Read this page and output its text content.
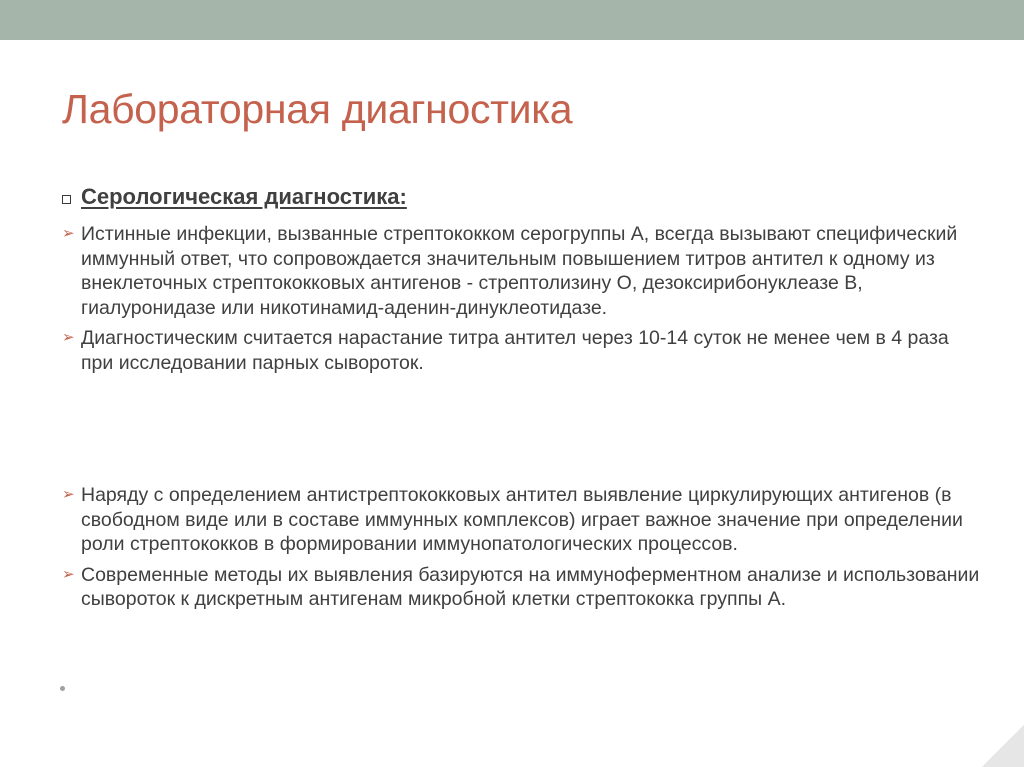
Лабораторная диагностика
Серологическая диагностика:
➢ Истинные инфекции, вызванные стрептококком серогруппы А, всегда вызывают специфический иммунный ответ, что сопровождается значительным повышением титров антител к одному из внеклеточных стрептококковых антигенов - стрептолизину О, дезоксирибонуклеазе В, гиалуронидазе или никотинамид-аденин-динуклеотидазе.
➢ Диагностическим считается нарастание титра антител через 10-14 суток не менее чем в 4 раза при исследовании парных сывороток.
➢ Наряду с определением антистрептококковых антител выявление циркулирующих антигенов (в свободном виде или в составе иммунных комплексов) играет важное значение при определении роли стрептококков в формировании иммунопатологических процессов.
➢ Современные методы их выявления базируются на иммуноферментном анализе и использовании сывороток к дискретным антигенам микробной клетки стрептококка группы А.
